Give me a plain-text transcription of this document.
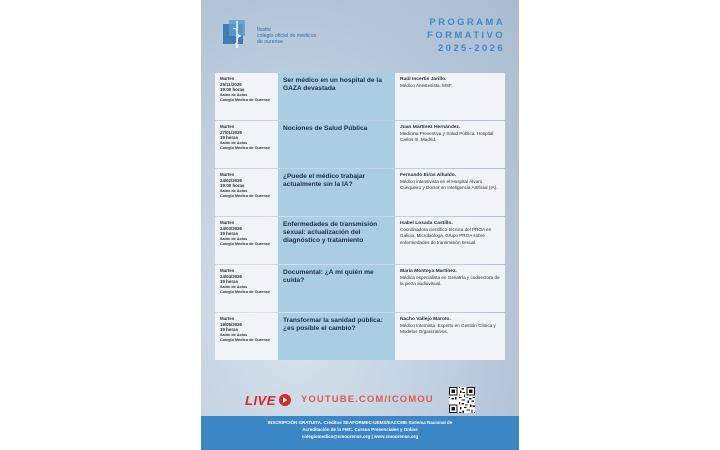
Ilustre
colegio oficial de médicos
de ourense
PROGRAMA
FORMATIVO
2025-2026
Martes
25/11/2025
19:00 horas
Salón de Actos
Colegio Médico de Ourense
Ser médico en un hospital de la GAZA devastada
Raúl Incertis Jarillo.
Médico Anestesista. MSF.
Martes
27/01/2025
19 horas
Salón de Actos
Colegio Médico de Ourense
Nociones de Salud Pública	Juan Martínez Hernández.
Medicina Preventiva y Salud Pública. Hospital Carlos III, Madrid.
Martes
24/02/2026
19:00 horas
Salón de Actos
Colegio Médico de Ourense
¿Puede el médico trabajar actualmente sin la IA?
Fernando Eiras Alhaldo.
Médico intensivista en el Hospital Álvaro Cunqueiro y Doctor en Inteligencia Artificial (IA).
Martes
24/03/2026
19 horas
Salón de Actos
Colegio Médico de Ourense
Enfermedades de transmisión sexual: actualización del diagnóstico y tratamiento
Isabel Losada Castillo.
Coordinadora científico-técnica del PROA en Galicia. Microbióloga. Grupo PROA sobre enfermedades de transmisión sexual.
Martes
24/04/2026
19 horas
Salón de Actos
Colegio Médico de Ourense
Documental: ¿A mí quién me cuida?
María Montoya Martínez.
Médica especialista en Geriatría y codirectora de la pieza audiovisual.
Martes
19/05/2026
19 horas
Salón de Actos
Colegio Médico de Ourense
Transformar la sanidad pública: ¿es posible el cambio?
Nacho Vallejo Maroto.
Médico Internista. Experto en Gestión Clínica y Modelos Organizativos.
LIVE	YOUTUBE.COM/ICOMOU
INSCRIPCIÓN GRATUITA. Créditos SEAFORMEC-UEMS/EACCME-Sistema Nacional de
Acreditación de la FMC. Cursos Presenciales y Online
colegiomedico@cmourense.org | www.cmourense.org
